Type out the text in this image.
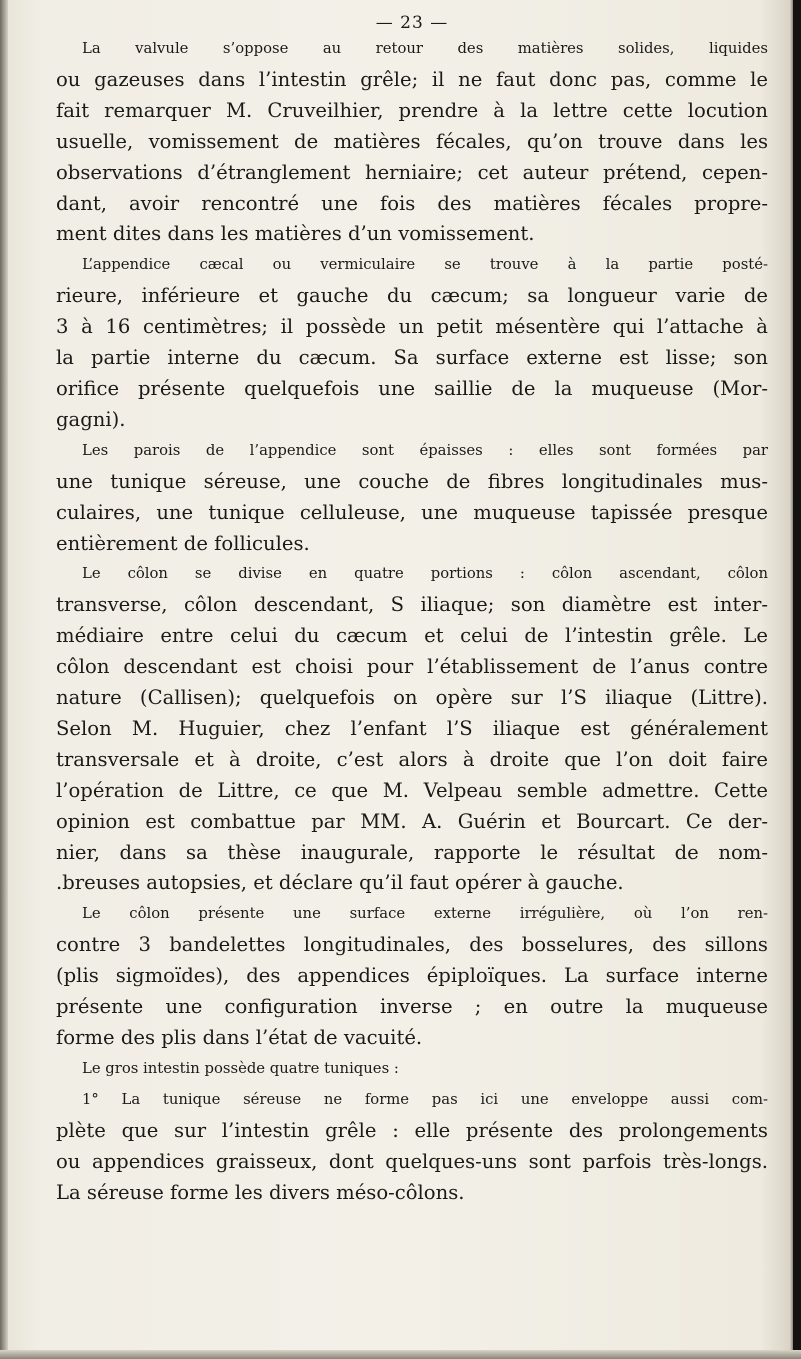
— 23 —
La valvule s’oppose au retour des matières solides, liquides
ou gazeuses dans l’intestin grêle; il ne faut donc pas, comme le
fait remarquer M. Cruveilhier, prendre à la lettre cette locution
usuelle, vomissement de matières fécales, qu’on trouve dans les
observations d’étranglement herniaire; cet auteur prétend, cepen-
dant, avoir rencontré une fois des matières fécales propre-
ment dites dans les matières d’un vomissement.
L’appendice cæcal ou vermiculaire se trouve à la partie posté-
rieure, inférieure et gauche du cæcum; sa longueur varie de
3 à 16 centimètres; il possède un petit mésentère qui l’attache à
la partie interne du cæcum. Sa surface externe est lisse; son
orifice présente quelquefois une saillie de la muqueuse (Mor-
gagni).
Les parois de l’appendice sont épaisses : elles sont formées par
une tunique séreuse, une couche de fibres longitudinales mus-
culaires, une tunique celluleuse, une muqueuse tapissée presque
entièrement de follicules.
Le côlon se divise en quatre portions : côlon ascendant, côlon
transverse, côlon descendant, S iliaque; son diamètre est inter-
médiaire entre celui du cæcum et celui de l’intestin grêle. Le
côlon descendant est choisi pour l’établissement de l’anus contre
nature (Callisen); quelquefois on opère sur l’S iliaque (Littre).
Selon M. Huguier, chez l’enfant l’S iliaque est généralement
transversale et à droite, c’est alors à droite que l’on doit faire
l’opération de Littre, ce que M. Velpeau semble admettre. Cette
opinion est combattue par MM. A. Guérin et Bourcart. Ce der-
nier, dans sa thèse inaugurale, rapporte le résultat de nom-
.breuses autopsies, et déclare qu’il faut opérer à gauche.
Le côlon présente une surface externe irrégulière, où l’on ren-
contre 3 bandelettes longitudinales, des bosselures, des sillons
(plis sigmoïdes), des appendices épiploïques. La surface interne
présente une configuration inverse ; en outre la muqueuse
forme des plis dans l’état de vacuité.
Le gros intestin possède quatre tuniques :
1° La tunique séreuse ne forme pas ici une enveloppe aussi com-
plète que sur l’intestin grêle : elle présente des prolongements
ou appendices graisseux, dont quelques-uns sont parfois très-longs.
La séreuse forme les divers méso-côlons.
